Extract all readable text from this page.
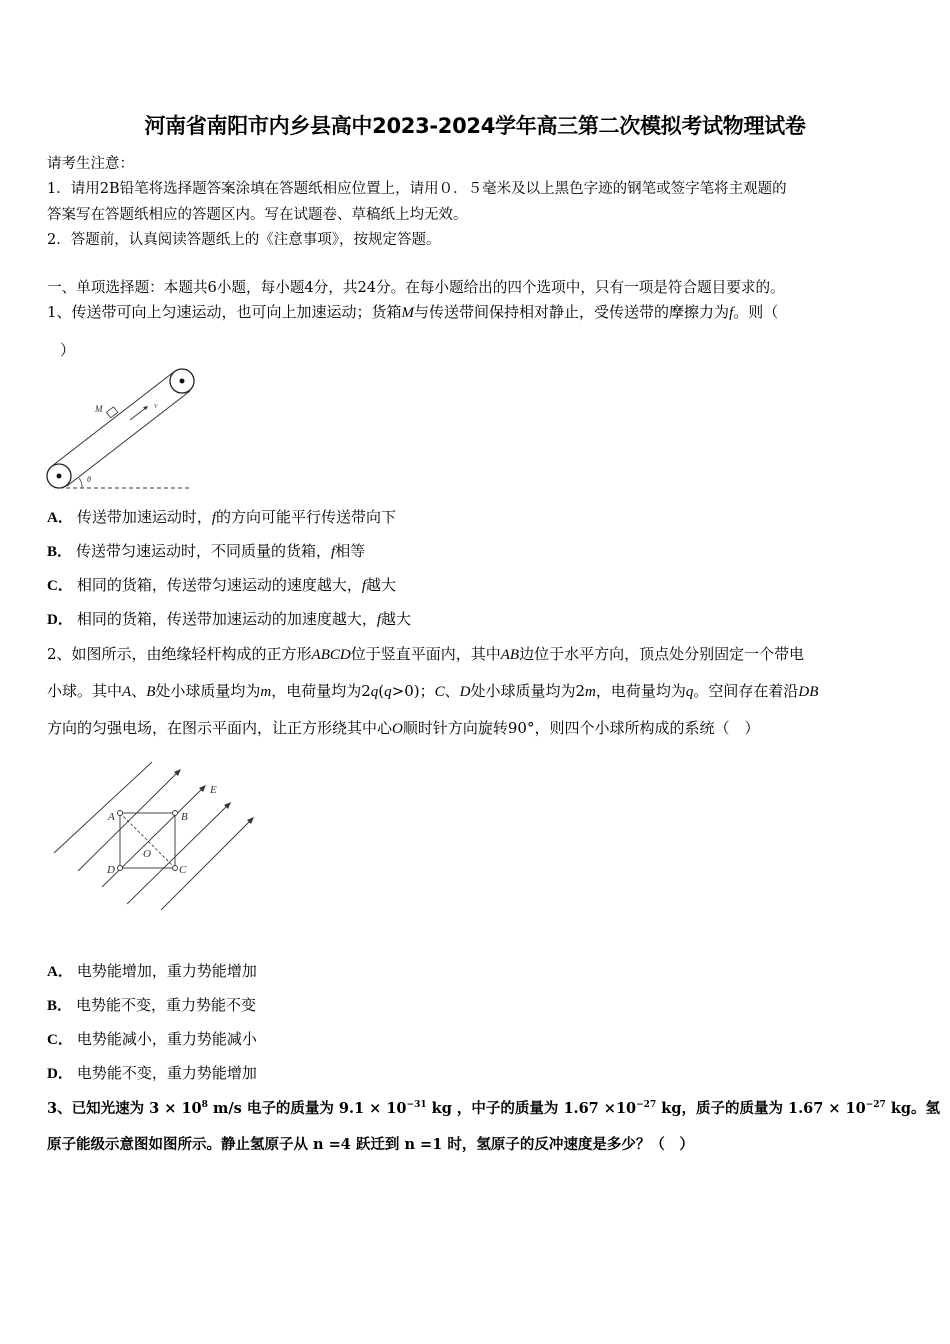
河南省南阳市内乡县高中2023-2024学年高三第二次模拟考试物理试卷
请考生注意：
1．请用2B铅笔将选择题答案涂填在答题纸相应位置上，请用０．５毫米及以上黑色字迹的钢笔或签字笔将主观题的
答案写在答题纸相应的答题区内。写在试题卷、草稿纸上均无效。
2．答题前，认真阅读答题纸上的《注意事项》，按规定答题。
一、单项选择题：本题共6小题，每小题4分，共24分。在每小题给出的四个选项中，只有一项是符合题目要求的。
1、传送带可向上匀速运动，也可向上加速运动；货箱M与传送带间保持相对静止，受传送带的摩擦力为f。则（
）
M	v
θ
A． 传送带加速运动时，f的方向可能平行传送带向下
B． 传送带匀速运动时，不同质量的货箱，f相等
C． 相同的货箱，传送带匀速运动的速度越大，f越大
D． 相同的货箱，传送带加速运动的加速度越大，f越大
2、如图所示，由绝缘轻杆构成的正方形ABCD位于竖直平面内，其中AB边位于水平方向，顶点处分别固定一个带电
小球。其中A、B处小球质量均为m，电荷量均为2q(q>0)；C、D处小球质量均为2m，电荷量均为q。空间存在着沿DB
方向的匀强电场，在图示平面内，让正方形绕其中心O顺时针方向旋转90°，则四个小球所构成的系统（　）
A	B
C
D
O
E
A． 电势能增加，重力势能增加
B． 电势能不变，重力势能不变
C． 电势能减小，重力势能减小
D． 电势能不变，重力势能增加
3、已知光速为 $3 \times 10^8$ m/s 电子的质量为 $9.1 \times 10^{-31}$ kg ，中子的质量为 $1.67 \times 10^{-27}$ kg，质子的质量为 $1.67 \times 10^{-27}$ kg。氢
原子能级示意图如图所示。静止氢原子从 n =4 跃迁到 n =1 时，氢原子的反冲速度是多少？（　）
